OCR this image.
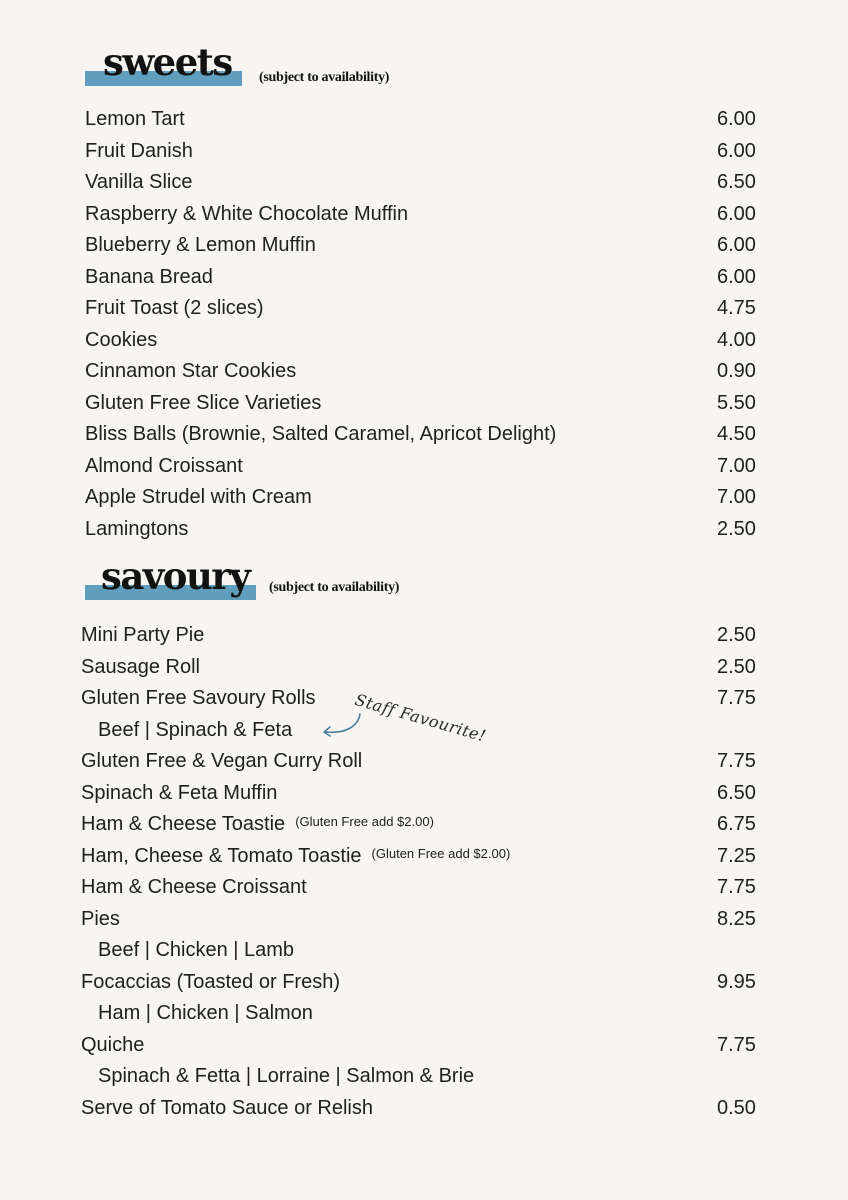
sweets (subject to availability)
Lemon Tart	6.00
Fruit Danish	6.00
Vanilla Slice	6.50
Raspberry & White Chocolate Muffin	6.00
Blueberry & Lemon Muffin	6.00
Banana Bread	6.00
Fruit Toast (2 slices)	4.75
Cookies	4.00
Cinnamon Star Cookies	0.90
Gluten Free Slice Varieties	5.50
Bliss Balls (Brownie, Salted Caramel, Apricot Delight)	4.50
Almond Croissant	7.00
Apple Strudel with Cream	7.00
Lamingtons	2.50
savoury (subject to availability)
Mini Party Pie	2.50
Sausage Roll	2.50
Gluten Free Savoury Rolls	7.75
Beef | Spinach & Feta
Gluten Free & Vegan Curry Roll	7.75
Spinach & Feta Muffin	6.50
Ham & Cheese Toastie $^{(Gluten Free add \$2.00)}$	6.75
Ham, Cheese & Tomato Toastie $^{(Gluten Free add \$2.00)}$	7.25
Ham & Cheese Croissant	7.75
Pies	8.25
Beef | Chicken | Lamb
Focaccias (Toasted or Fresh)	9.95
Ham | Chicken | Salmon
Quiche	7.75
Spinach & Fetta | Lorraine | Salmon & Brie
Serve of Tomato Sauce or Relish	0.50
Staff Favourite!
